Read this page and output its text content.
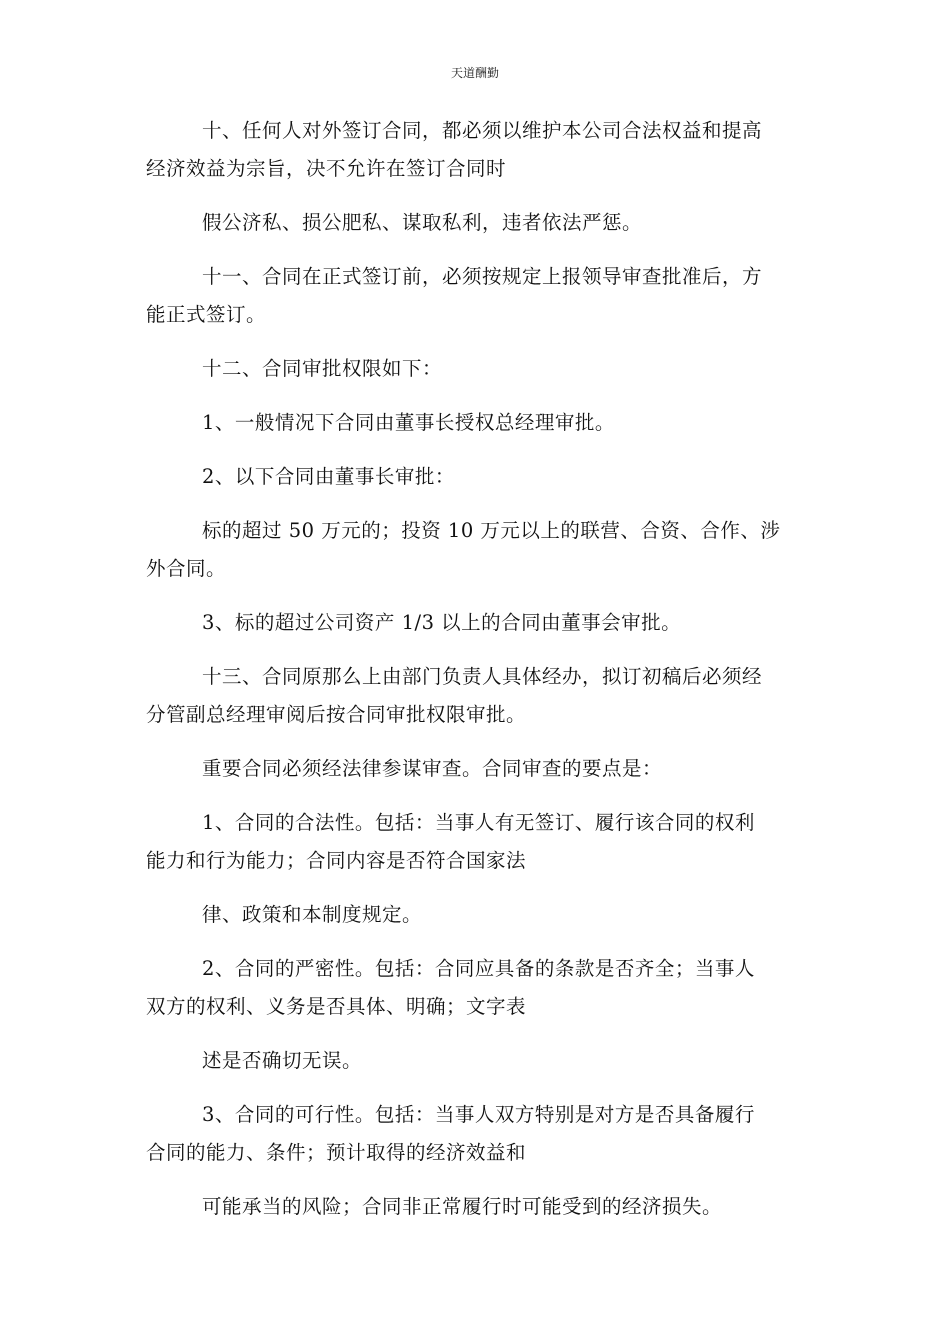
天道酬勤

十、任何人对外签订合同，都必须以维护本公司合法权益和提高
经济效益为宗旨，决不允许在签订合同时

假公济私、损公肥私、谋取私利，违者依法严惩。

十一、合同在正式签订前，必须按规定上报领导审查批准后，方
能正式签订。

十二、合同审批权限如下：

1、一般情况下合同由董事长授权总经理审批。

2、以下合同由董事长审批：

标的超过 50 万元的；投资 10 万元以上的联营、合资、合作、涉
外合同。

3、标的超过公司资产 1/3 以上的合同由董事会审批。

十三、合同原那么上由部门负责人具体经办，拟订初稿后必须经
分管副总经理审阅后按合同审批权限审批。

重要合同必须经法律参谋审查。合同审查的要点是：

1、合同的合法性。包括：当事人有无签订、履行该合同的权利
能力和行为能力；合同内容是否符合国家法

律、政策和本制度规定。

2、合同的严密性。包括：合同应具备的条款是否齐全；当事人
双方的权利、义务是否具体、明确；文字表

述是否确切无误。

3、合同的可行性。包括：当事人双方特别是对方是否具备履行
合同的能力、条件；预计取得的经济效益和

可能承当的风险；合同非正常履行时可能受到的经济损失。
